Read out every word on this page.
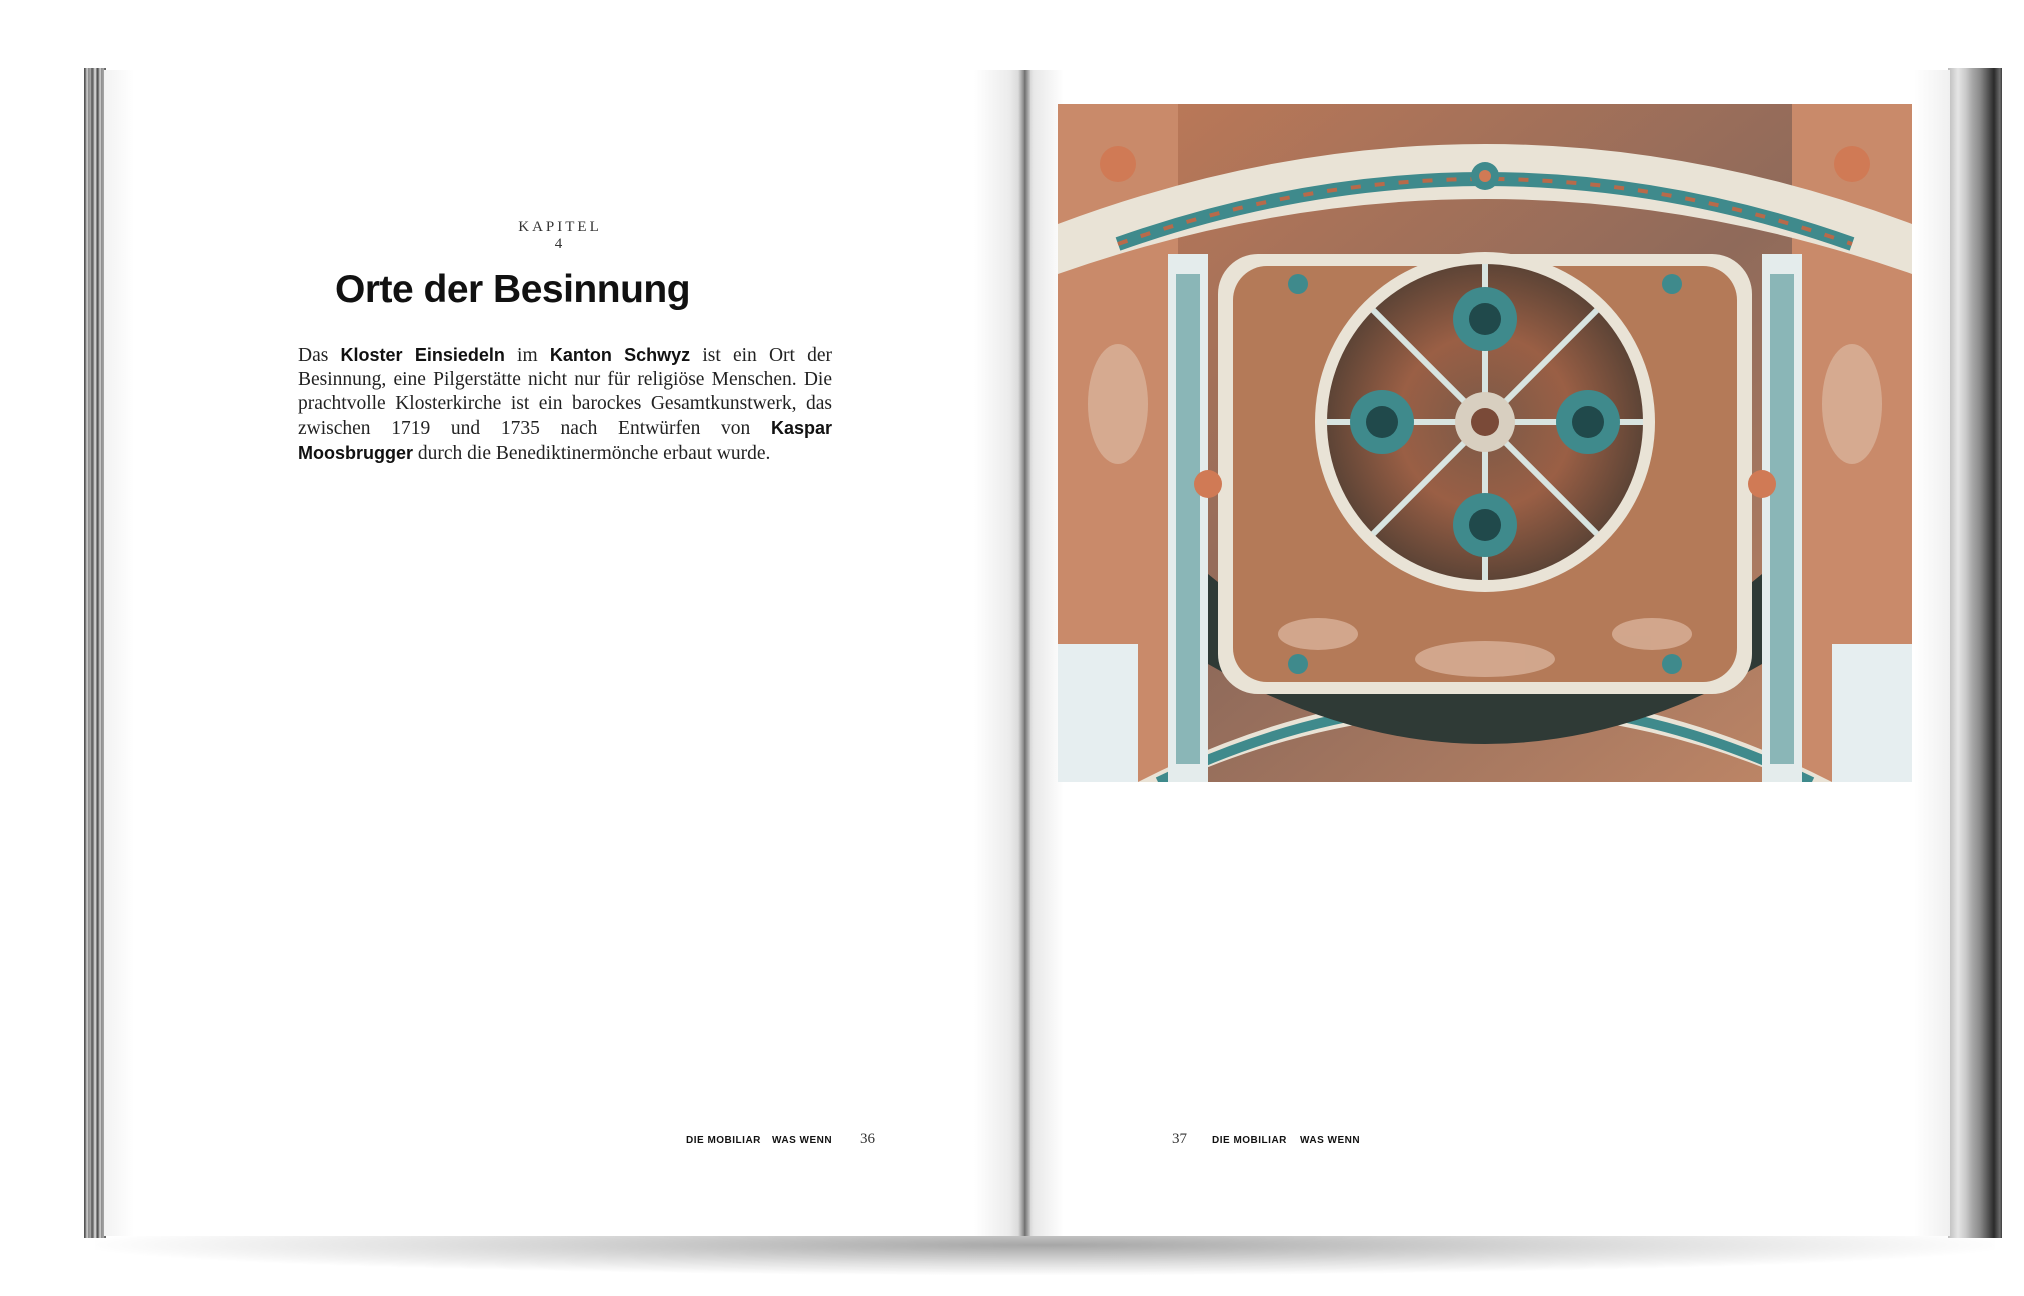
KAPITEL 4
Orte der Besinnung

Das Kloster Einsiedeln im Kanton Schwyz ist ein Ort der Besinnung, eine Pilgerstätte nicht nur für religiöse Menschen. Die prachtvolle Klosterkirche ist ein barockes Gesamtkunstwerk, das zwischen 1719 und 1735 nach Entwürfen von Kaspar Moosbrugger durch die Benediktinermönche erbaut wurde.

DIE MOBILIAR WAS WENN 36	37	DIE MOBILIAR WAS WENN
